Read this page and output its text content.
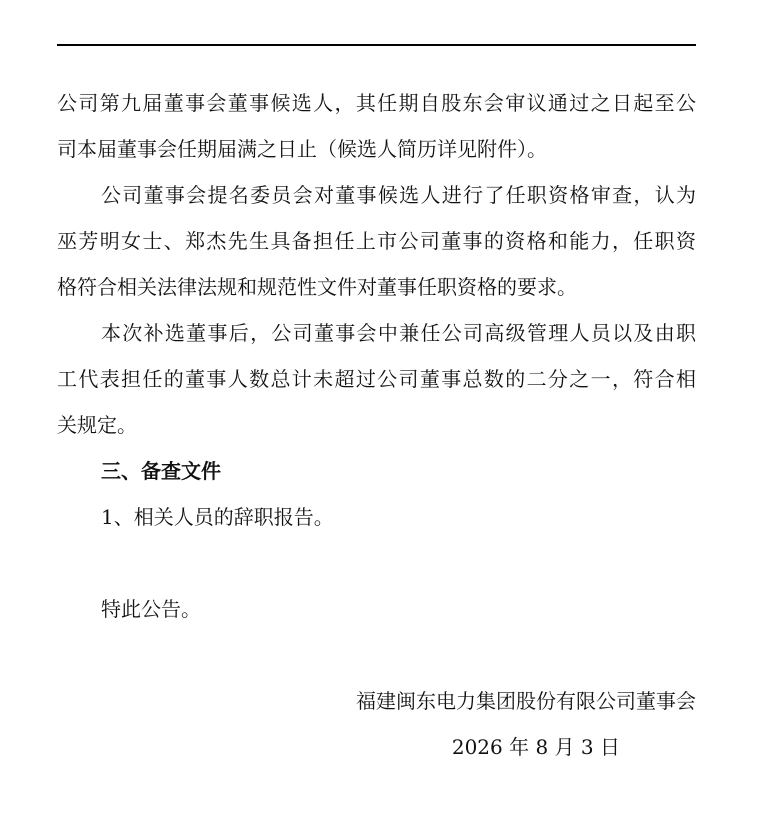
公司第九届董事会董事候选人，其任期自股东会审议通过之日起至公
司本届董事会任期届满之日止（候选人简历详见附件）。
公司董事会提名委员会对董事候选人进行了任职资格审查，认为
巫芳明女士、郑杰先生具备担任上市公司董事的资格和能力，任职资
格符合相关法律法规和规范性文件对董事任职资格的要求。
本次补选董事后，公司董事会中兼任公司高级管理人员以及由职
工代表担任的董事人数总计未超过公司董事总数的二分之一，符合相
关规定。
三、备查文件
1、相关人员的辞职报告。
特此公告。
福建闽东电力集团股份有限公司董事会
2026 年 8 月 3 日
